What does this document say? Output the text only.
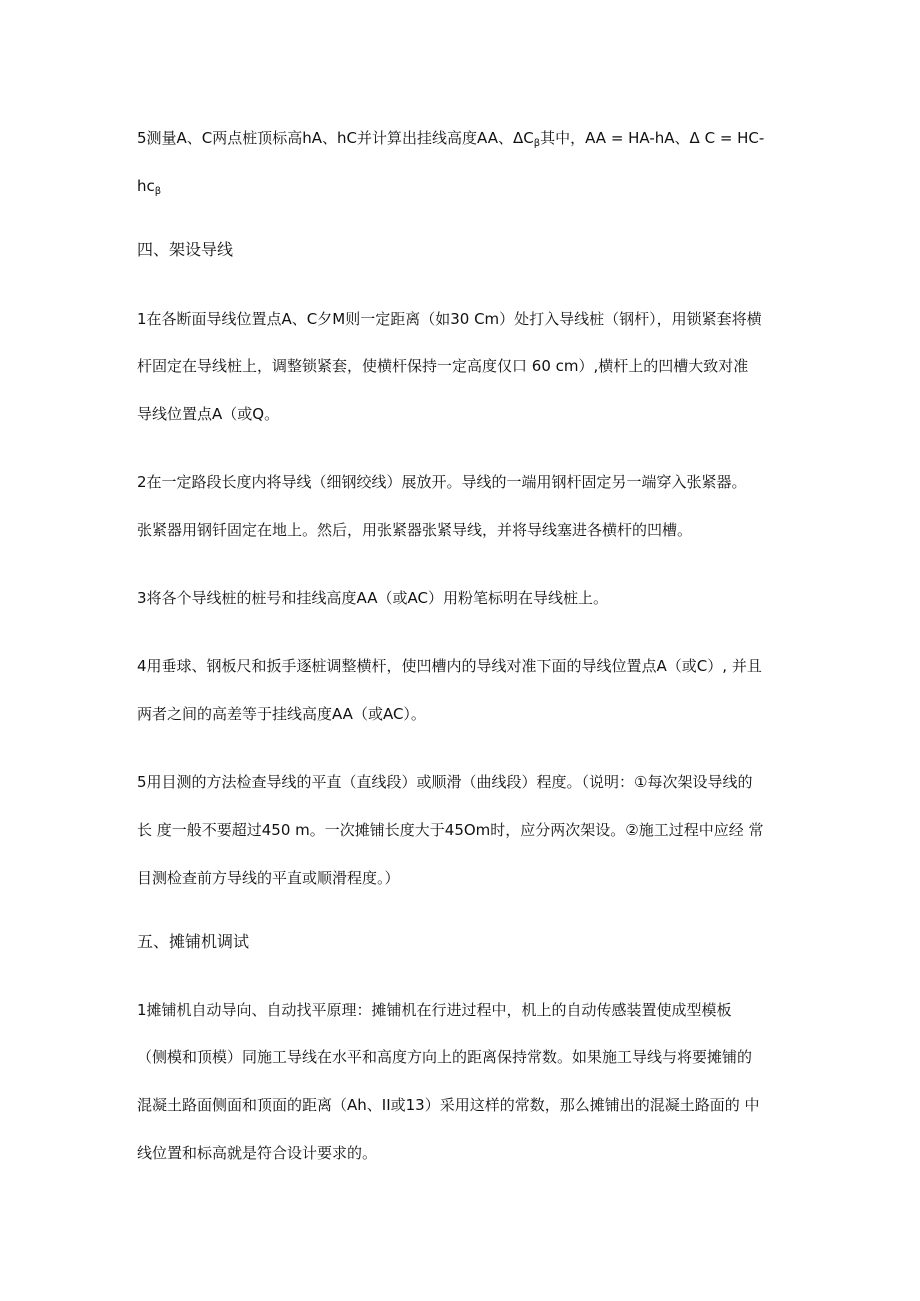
5测量A、C两点桩顶标高hA、hC并计算出挂线高度AA、$\Delta C_\beta$其中，AA = HA-hA、Δ C = HC-
$hc_\beta$
四、架设导线
1在各断面导线位置点A、C夕M则一定距离（如30 Cm）处打入导线桩（钢杆），用锁紧套将横
杆固定在导线桩上，调整锁紧套，使横杆保持一定高度仅口 60 cm）,横杆上的凹槽大致对准
导线位置点A（或Q。
2在一定路段长度内将导线（细钢绞线）展放开。导线的一端用钢杆固定另一端穿入张紧器。
张紧器用钢钎固定在地上。然后，用张紧器张紧导线，并将导线塞进各横杆的凹槽。
3将各个导线桩的桩号和挂线高度AA（或AC）用粉笔标明在导线桩上。
4用垂球、钢板尺和扳手逐桩调整横杆，使凹槽内的导线对准下面的导线位置点A（或C）, 并且
两者之间的高差等于挂线高度AA（或AC）。
5用目测的方法检查导线的平直（直线段）或顺滑（曲线段）程度。（说明：①每次架设导线的
长 度一般不要超过450 m。一次摊铺长度大于45Om时，应分两次架设。②施工过程中应经 常
目测检查前方导线的平直或顺滑程度。）
五、摊铺机调试
1摊铺机自动导向、自动找平原理：摊铺机在行进过程中，机上的自动传感装置使成型模板
（侧模和顶模）同施工导线在水平和高度方向上的距离保持常数。如果施工导线与将要摊铺的
混凝土路面侧面和顶面的距离（Ah、II或13）采用这样的常数，那么摊铺出的混凝土路面的 中
线位置和标高就是符合设计要求的。
